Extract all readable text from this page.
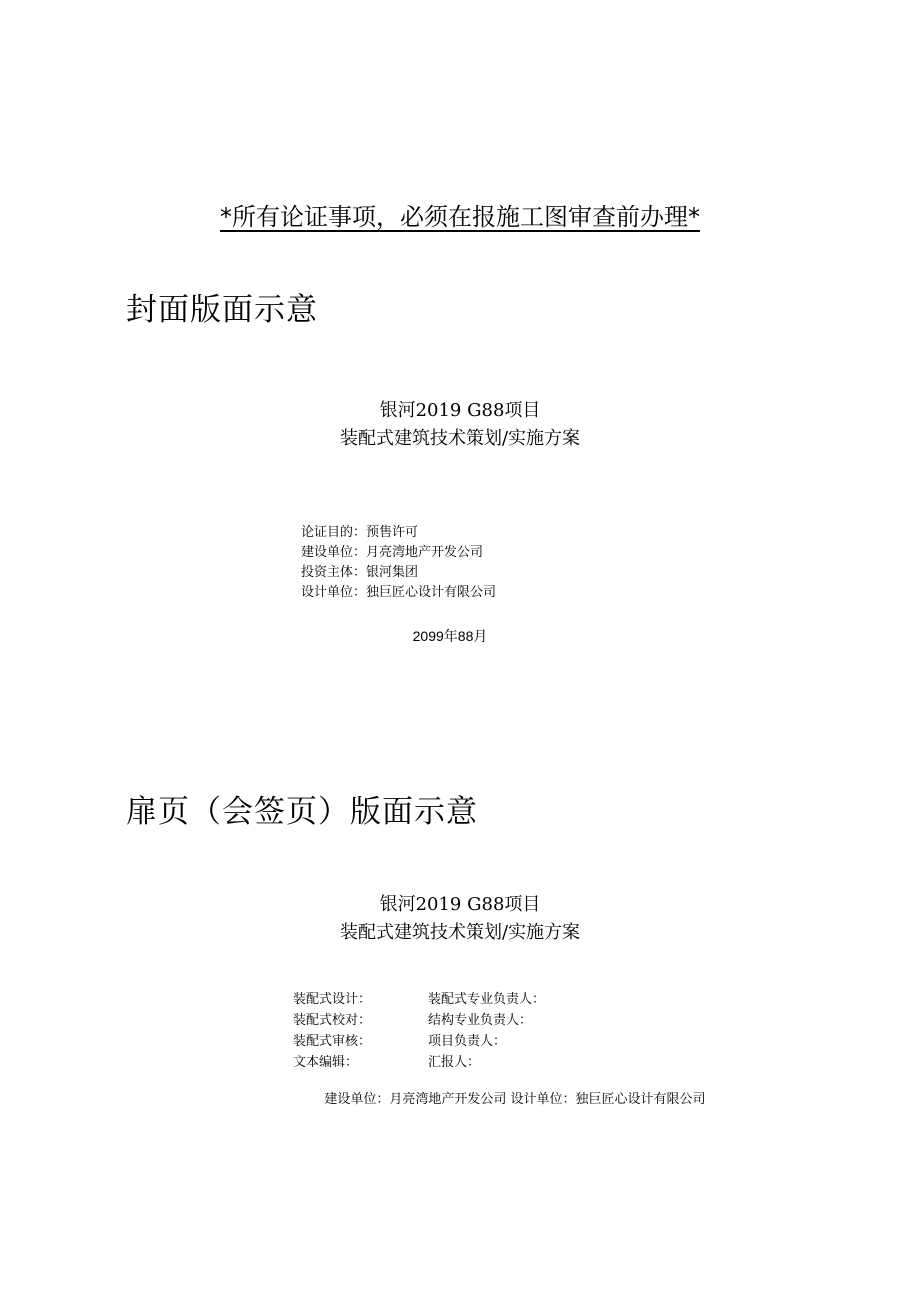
*所有论证事项，必须在报施工图审查前办理*
封面版面示意
银河2019 G88项目
装配式建筑技术策划/实施方案
论证目的：预售许可
建设单位：月亮湾地产开发公司
投资主体：银河集团
设计单位：独巨匠心设计有限公司
2099年88月
扉页（会签页）版面示意
银河2019 G88项目
装配式建筑技术策划/实施方案
装配式设计：	装配式专业负责人：
装配式校对：	结构专业负责人：
装配式审核：	项目负责人：
文本编辑：	汇报人：
建设单位：月亮湾地产开发公司 设计单位：独巨匠心设计有限公司
